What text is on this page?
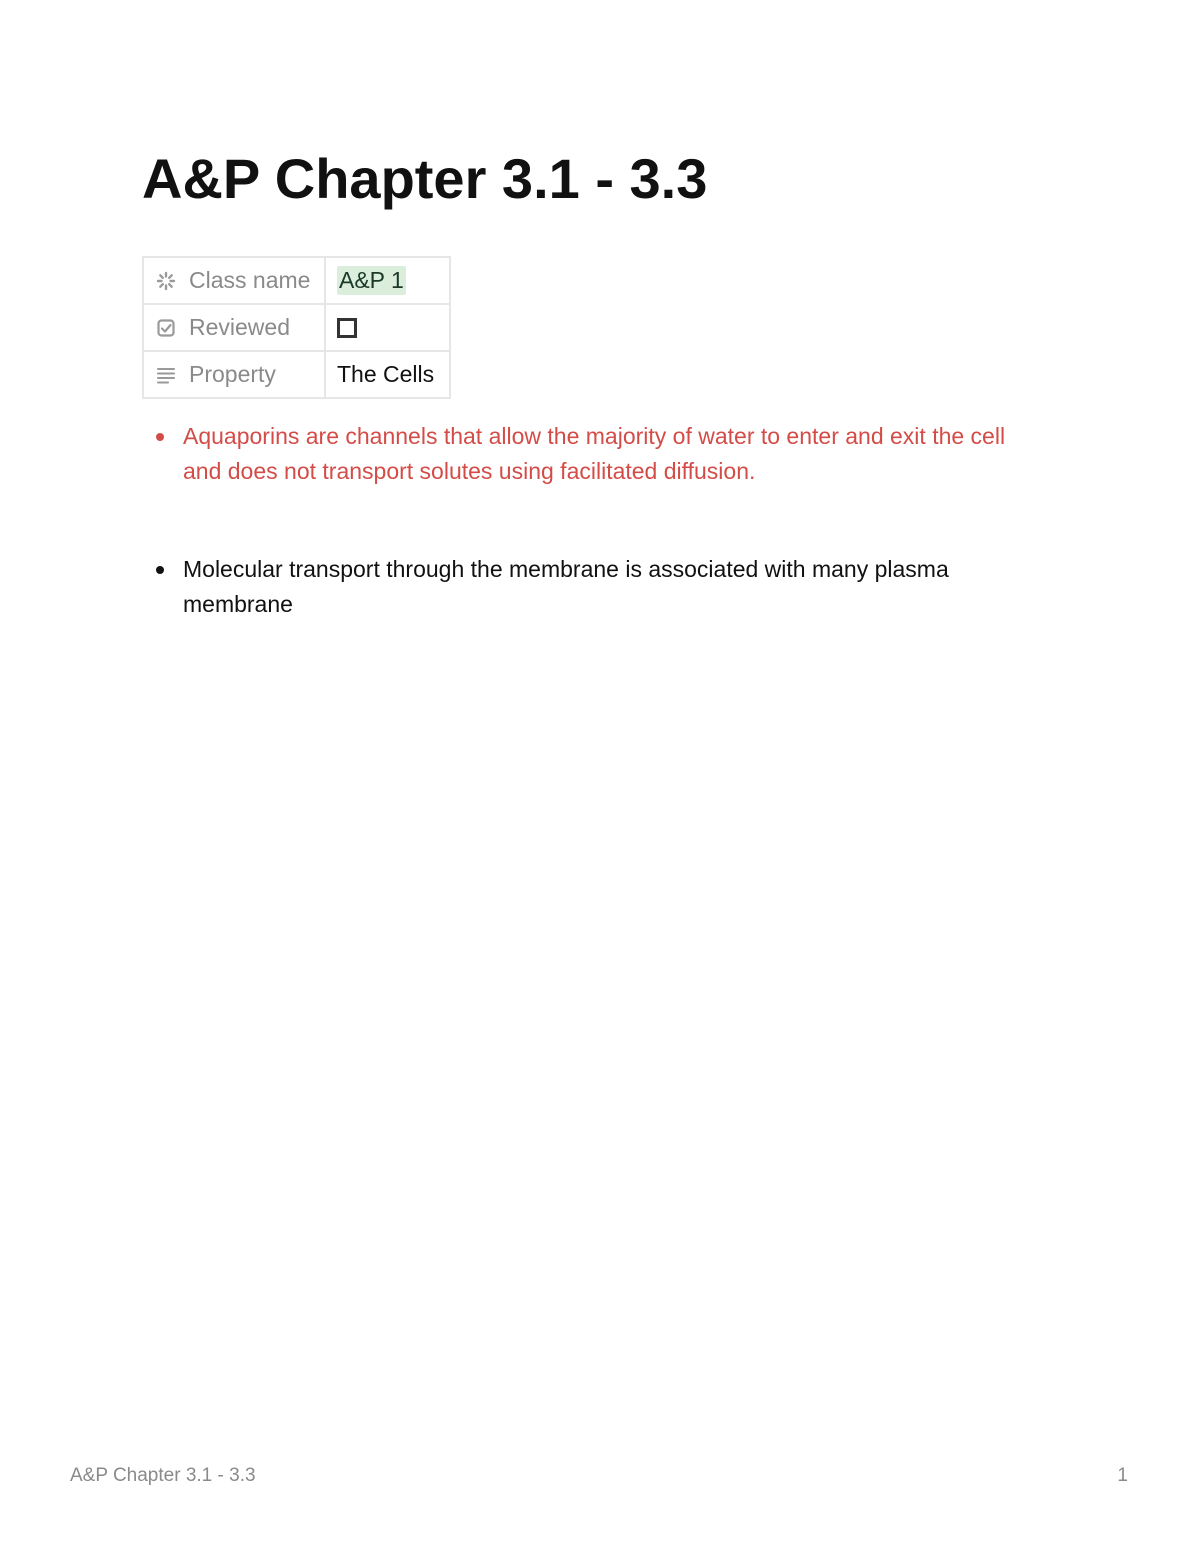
A&P Chapter 3.1 - 3.3
Class name	A&P 1

Reviewed	

Property	The Cells
Aquaporins are channels that allow the majority of water to enter and exit the cell and does not transport solutes using facilitated diffusion.
Molecular transport through the membrane is associated with many plasma membrane
A&P Chapter 3.1 - 3.3	1
